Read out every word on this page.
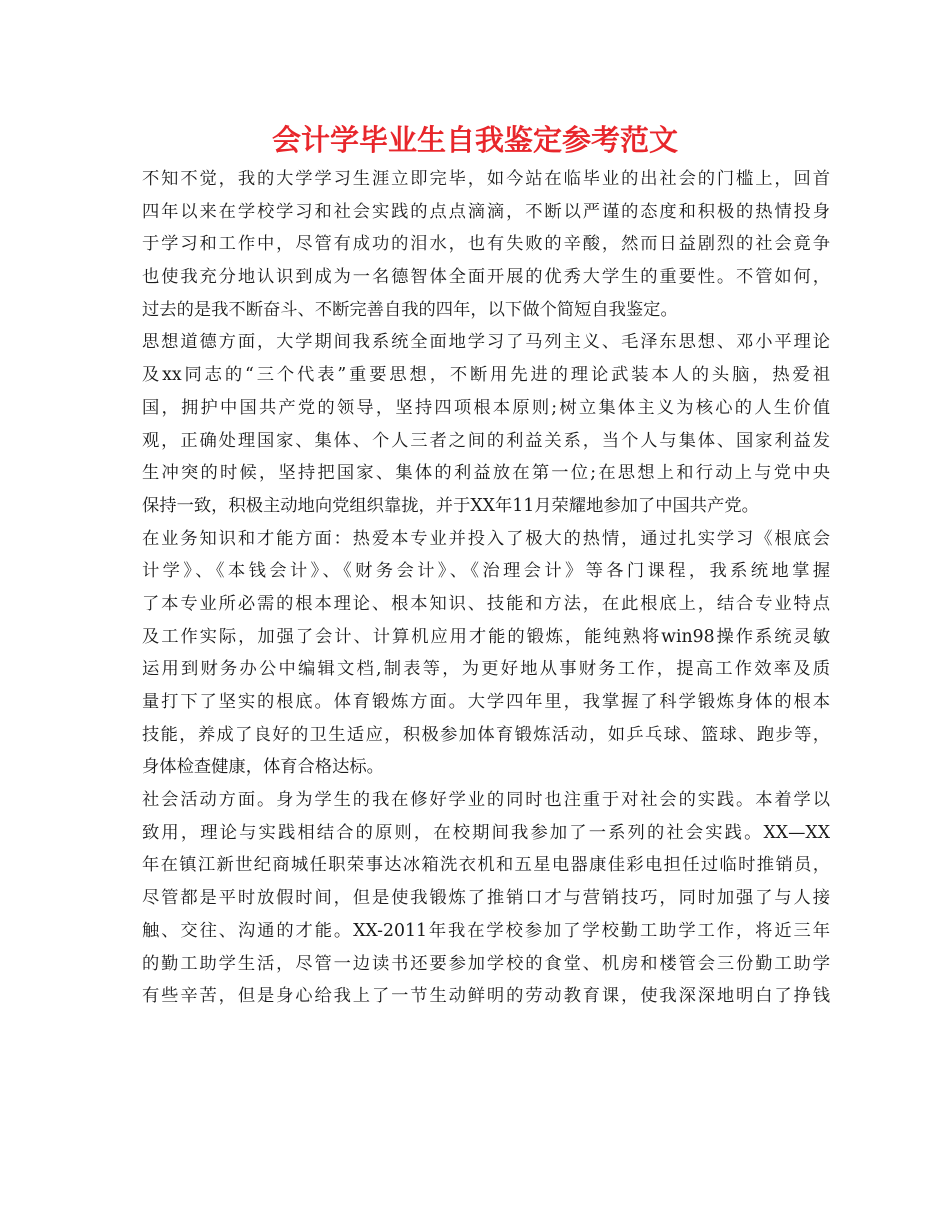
会计学毕业生自我鉴定参考范文
不知不觉，我的大学学习生涯立即完毕，如今站在临毕业的出社会的门槛上，回首
四年以来在学校学习和社会实践的点点滴滴，不断以严谨的态度和积极的热情投身
于学习和工作中，尽管有成功的泪水，也有失败的辛酸，然而日益剧烈的社会竟争
也使我充分地认识到成为一名德智体全面开展的优秀大学生的重要性。不管如何，
过去的是我不断奋斗、不断完善自我的四年，以下做个简短自我鉴定。
思想道德方面，大学期间我系统全面地学习了马列主义、毛泽东思想、邓小平理论
及xx同志的“三个代表”重要思想，不断用先进的理论武装本人的头脑，热爱祖
国，拥护中国共产党的领导，坚持四项根本原则;树立集体主义为核心的人生价值
观，正确处理国家、集体、个人三者之间的利益关系，当个人与集体、国家利益发
生冲突的时候，坚持把国家、集体的利益放在第一位;在思想上和行动上与党中央
保持一致，积极主动地向党组织靠拢，并于XX年11月荣耀地参加了中国共产党。
在业务知识和才能方面：热爱本专业并投入了极大的热情，通过扎实学习《根底会
计学》、《本钱会计》、《财务会计》、《治理会计》等各门课程，我系统地掌握
了本专业所必需的根本理论、根本知识、技能和方法，在此根底上，结合专业特点
及工作实际，加强了会计、计算机应用才能的锻炼，能纯熟将win98操作系统灵敏
运用到财务办公中编辑文档,制表等，为更好地从事财务工作，提高工作效率及质
量打下了坚实的根底。体育锻炼方面。大学四年里，我掌握了科学锻炼身体的根本
技能，养成了良好的卫生适应，积极参加体育锻炼活动，如乒乓球、篮球、跑步等，
身体检查健康，体育合格达标。
社会活动方面。身为学生的我在修好学业的同时也注重于对社会的实践。本着学以
致用，理论与实践相结合的原则，在校期间我参加了一系列的社会实践。XX—XX
年在镇江新世纪商城任职荣事达冰箱洗衣机和五星电器康佳彩电担任过临时推销员，
尽管都是平时放假时间，但是使我锻炼了推销口才与营销技巧，同时加强了与人接
触、交往、沟通的才能。XX-2011年我在学校参加了学校勤工助学工作，将近三年
的勤工助学生活，尽管一边读书还要参加学校的食堂、机房和楼管会三份勤工助学
有些辛苦，但是身心给我上了一节生动鲜明的劳动教育课，使我深深地明白了挣钱
